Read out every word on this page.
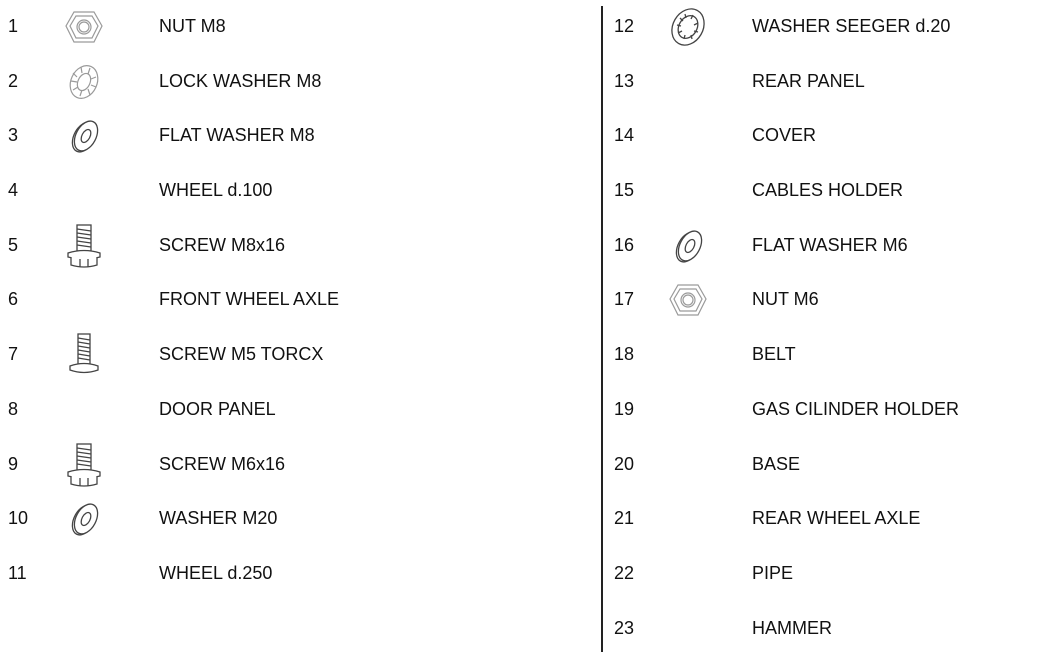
1	NUT M8
2	LOCK WASHER M8
3	FLAT WASHER M8
4	WHEEL d.100
5	SCREW M8x16
6	FRONT WHEEL AXLE
7	SCREW M5 TORCX
8	DOOR PANEL
9	SCREW M6x16
10	WASHER M20
11	WHEEL d.250
12	WASHER SEEGER d.20
13	REAR PANEL
14	COVER
15	CABLES HOLDER
16	FLAT WASHER M6
17	NUT M6
18	BELT
19	GAS CILINDER HOLDER
20	BASE
21	REAR WHEEL AXLE
22	PIPE
23	HAMMER
